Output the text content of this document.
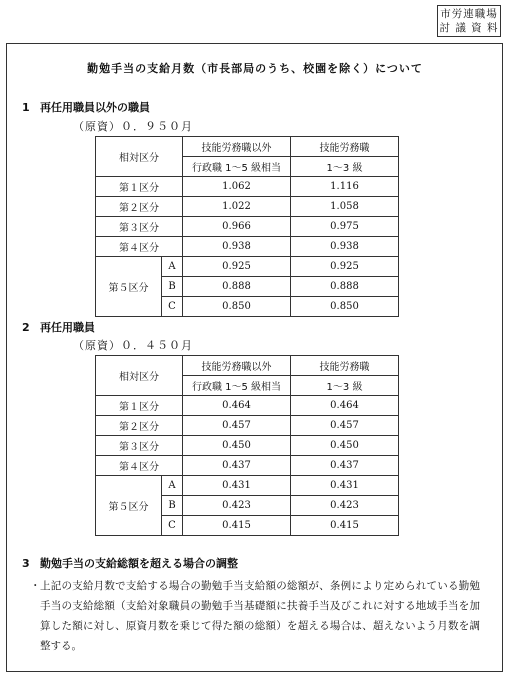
市労連職場
討 議 資 料
勤勉手当の支給月数（市長部局のうち、校園を除く）について
1 再任用職員以外の職員
（原資）０．９５０月
相対区分		技能労務職以外	技能労務職
		行政職 1～5 級相当	1～3 級
第１区分		1.062	1.116
第２区分		1.022	1.058
第３区分		0.966	0.975
第４区分		0.938	0.938
第５区分	A	0.925	0.925
	B	0.888	0.888
	C	0.850	0.850
2 再任用職員
（原資）０．４５０月
相対区分		技能労務職以外	技能労務職
		行政職 1～5 級相当	1～3 級
第１区分		0.464	0.464
第２区分		0.457	0.457
第３区分		0.450	0.450
第４区分		0.437	0.437
第５区分	A	0.431	0.431
	B	0.423	0.423
	C	0.415	0.415
3 勤勉手当の支給総額を超える場合の調整
・ 上記の支給月数で支給する場合の勤勉手当支給額の総額が、条例により定められている勤勉手当の支給総額（支給対象職員の勤勉手当基礎額に扶養手当及びこれに対する地域手当を加算した額に対し、原資月数を乗じて得た額の総額）を超える場合は、超えないよう月数を調整する。
